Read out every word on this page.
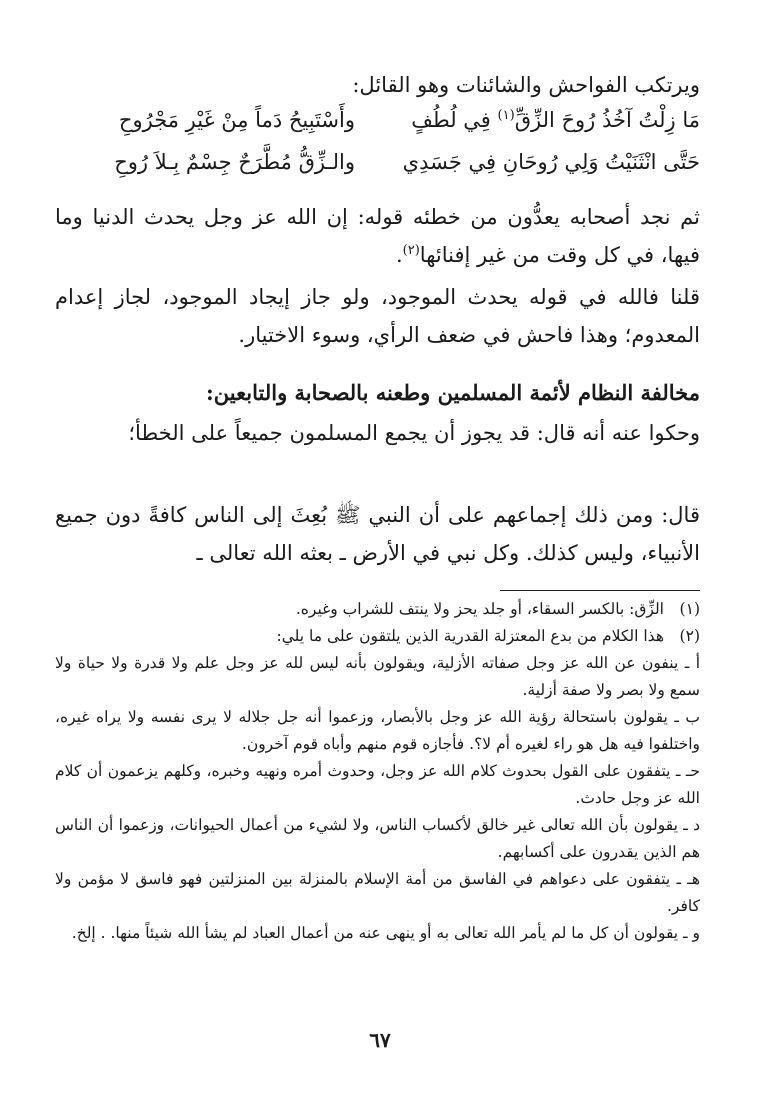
ويرتكب الفواحش والشائنات وهو القائل:
مَا زِلْتُ آخُذُ رُوحَ الزِّقِّ$^{(١)}$ فِي لُطُفٍ
وأَسْتَبِيحُ دَماً مِنْ غَيْرِ مَجْرُوحِ
حَتَّى انْثَنَيْتُ وَلِي رُوحَانِ فِي جَسَدِي
والـزِّقُّ مُطَّرَحٌ جِسْمٌ بِـلاَ رُوحِ
ثم نجد أصحابه يعدُّون من خطئه قوله: إن الله عز وجل يحدث الدنيا وما فيها، في كل وقت من غير إفنائها$^{(٢)}$.
قلنا فالله في قوله يحدث الموجود، ولو جاز إيجاد الموجود، لجاز إعدام المعدوم؛ وهذا فاحش في ضعف الرأي، وسوء الاختيار.
مخالفة النظام لأئمة المسلمين وطعنه بالصحابة والتابعين:
وحكوا عنه أنه قال: قد يجوز أن يجمع المسلمون جميعاً على الخطأ؛
قال: ومن ذلك إجماعهم على أن النبي ﷺ بُعِثَ إلى الناس كافةً دون جميع الأنبياء، وليس كذلك. وكل نبي في الأرض ـ بعثه الله تعالى ـ
(١)
الزِّق: بالكسر السقاء، أو جلد يحز ولا ينتف للشراب وغيره.
(٢)
هذا الكلام من بدع المعتزلة القدرية الذين يلتقون على ما يلي:

أ ـ ينفون عن الله عز وجل صفاته الأزلية، ويقولون بأنه ليس لله عز وجل علم ولا قدرة ولا حياة ولا سمع ولا بصر ولا صفة أزلية.

ب ـ يقولون باستحالة رؤية الله عز وجل بالأبصار، وزعموا أنه جل جلاله لا يرى نفسه ولا يراه غيره، واختلفوا فيه هل هو راء لغيره أم لا؟. فأجازه قوم منهم وأباه قوم آخرون.

حـ ـ يتفقون على القول بحدوث كلام الله عز وجل، وحدوث أمره ونهيه وخبره، وكلهم يزعمون أن كلام الله عز وجل حادث.

د ـ يقولون بأن الله تعالى غير خالق لأكساب الناس، ولا لشيء من أعمال الحيوانات، وزعموا أن الناس هم الذين يقدرون على أكسابهم.

هـ ـ يتفقون على دعواهم في الفاسق من أمة الإسلام بالمنزلة بين المنزلتين فهو فاسق لا مؤمن ولا كافر.

و ـ يقولون أن كل ما لم يأمر الله تعالى به أو ينهى عنه من أعمال العباد لم يشأ الله شيئاً منها. . إلخ.

٦٧
